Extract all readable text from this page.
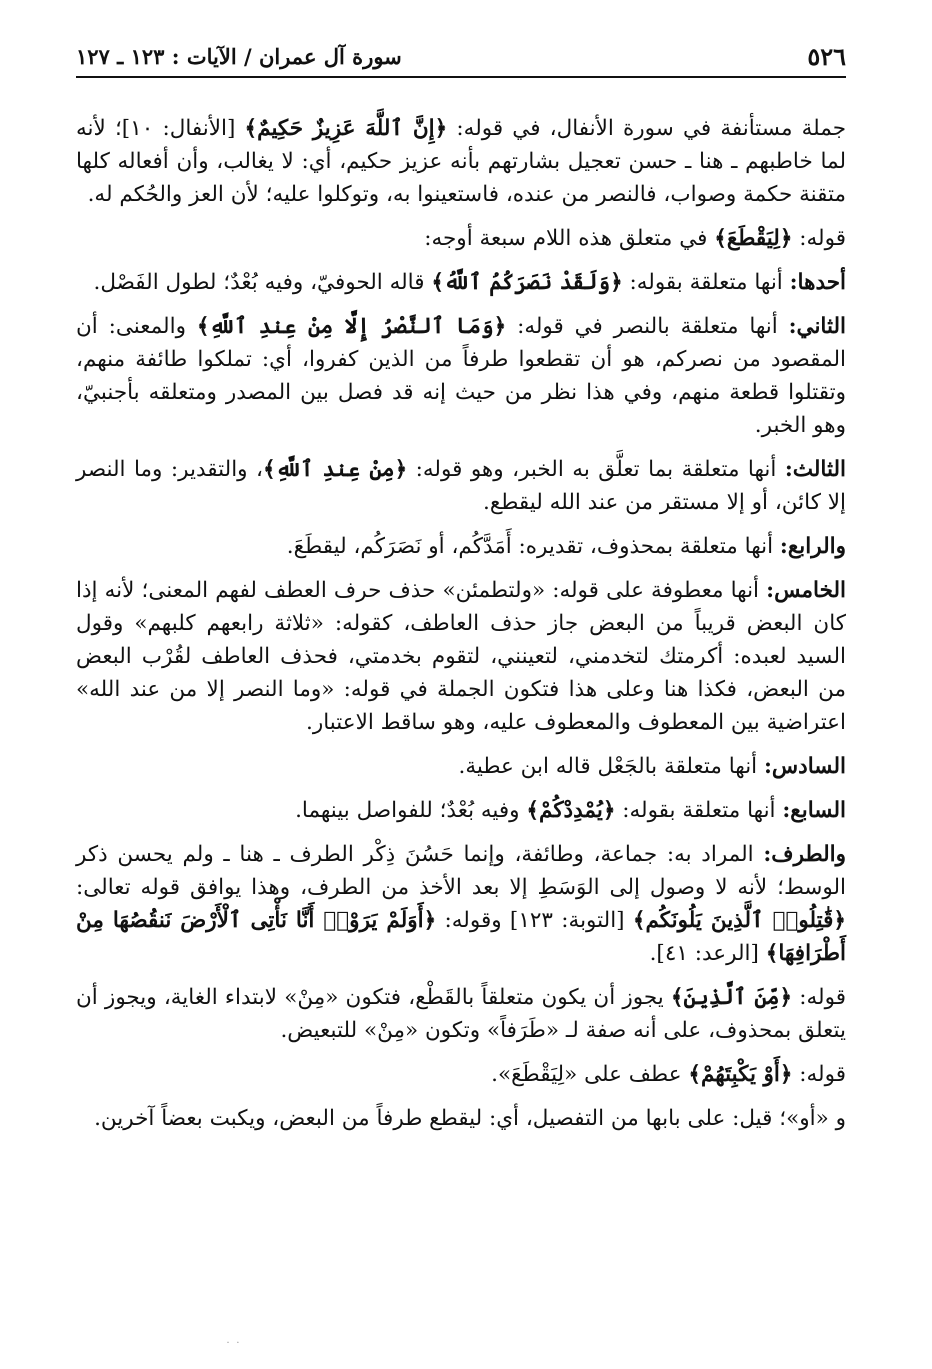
٥٢٦
سورة آل عمران / الآيات : ١٢٣ ـ ١٢٧

جملة مستأنفة في سورة الأنفال، في قوله: ﴿إِنَّ ٱللَّهَ عَزِيزٌ حَكِيمٌ﴾ [الأنفال: ١٠]؛ لأنه لما خاطبهم ـ هنا ـ حسن تعجيل بشارتهم بأنه عزيز حكيم، أي: لا يغالب، وأن أفعاله كلها متقنة حكمة وصواب، فالنصر من عنده، فاستعينوا به، وتوكلوا عليه؛ لأن العز والحُكم له.

قوله: ﴿لِيَقْطَعَ﴾ في متعلق هذه اللام سبعة أوجه:

أحدها: أنها متعلقة بقوله: ﴿وَلَقَدْ نَصَرَكُمُ ٱللَّهُ﴾ قاله الحوفيّ، وفيه بُعْدٌ؛ لطول الفَصْل.

الثاني: أنها متعلقة بالنصر في قوله: ﴿وَمَا ٱلنَّصْرُ إِلَّا مِنْ عِندِ ٱللَّهِ﴾ والمعنى: أن المقصود من نصركم، هو أن تقطعوا طرفاً من الذين كفروا، أي: تملكوا طائفة منهم، وتقتلوا قطعة منهم، وفي هذا نظر من حيث إنه قد فصل بين المصدر ومتعلقه بأجنبيّ، وهو الخبر.

الثالث: أنها متعلقة بما تعلَّق به الخبر، وهو قوله: ﴿مِنْ عِندِ ٱللَّهِ﴾، والتقدير: وما النصر إلا كائن، أو إلا مستقر من عند الله ليقطع.

والرابع: أنها متعلقة بمحذوف، تقديره: أَمَدَّكُم، أو نَصَرَكُم، ليقطَعَ.

الخامس: أنها معطوفة على قوله: «ولتطمئن» حذف حرف العطف لفهم المعنى؛ لأنه إذا كان البعض قريباً من البعض جاز حذف العاطف، كقوله: «ثلاثة رابعهم كلبهم» وقول السيد لعبده: أكرمتك لتخدمني، لتعينني، لتقوم بخدمتي، فحذف العاطف لقُرْب البعض من البعض، فكذا هنا وعلى هذا فتكون الجملة في قوله: «وما النصر إلا من عند الله» اعتراضية بين المعطوف والمعطوف عليه، وهو ساقط الاعتبار.

السادس: أنها متعلقة بالجَعْل قاله ابن عطية.

السابع: أنها متعلقة بقوله: ﴿يُمْدِدْكُمْ﴾ وفيه بُعْدٌ؛ للفواصل بينهما.

والطرف: المراد به: جماعة، وطائفة، وإنما حَسُنَ ذِكْر الطرف ـ هنا ـ ولم يحسن ذكر الوسط؛ لأنه لا وصول إلى الوَسَطِ إلا بعد الأخذ من الطرف، وهذا يوافق قوله تعالى: ﴿قَٰتِلُوا۟ ٱلَّذِينَ يَلُونَكُم﴾ [التوبة: ١٢٣] وقوله: ﴿أَوَلَمْ يَرَوْا۟ أَنَّا نَأْتِى ٱلْأَرْضَ نَنقُصُهَا مِنْ أَطْرَافِهَا﴾ [الرعد: ٤١].

قوله: ﴿مِّنَ ٱلَّذِينَ﴾ يجوز أن يكون متعلقاً بالقَطْع، فتكون «مِنْ» لابتداء الغاية، ويجوز أن يتعلق بمحذوف، على أنه صفة لـ «طَرَفاً» وتكون «مِنْ» للتبعيض.

قوله: ﴿أَوْ يَكْبِتَهُمْ﴾ عطف على «لِيَقْطَعَ».

و «أو»؛ قيل: على بابها من التفصيل، أي: ليقطع طرفاً من البعض، ويكبت بعضاً آخرين.

˙ ˙
